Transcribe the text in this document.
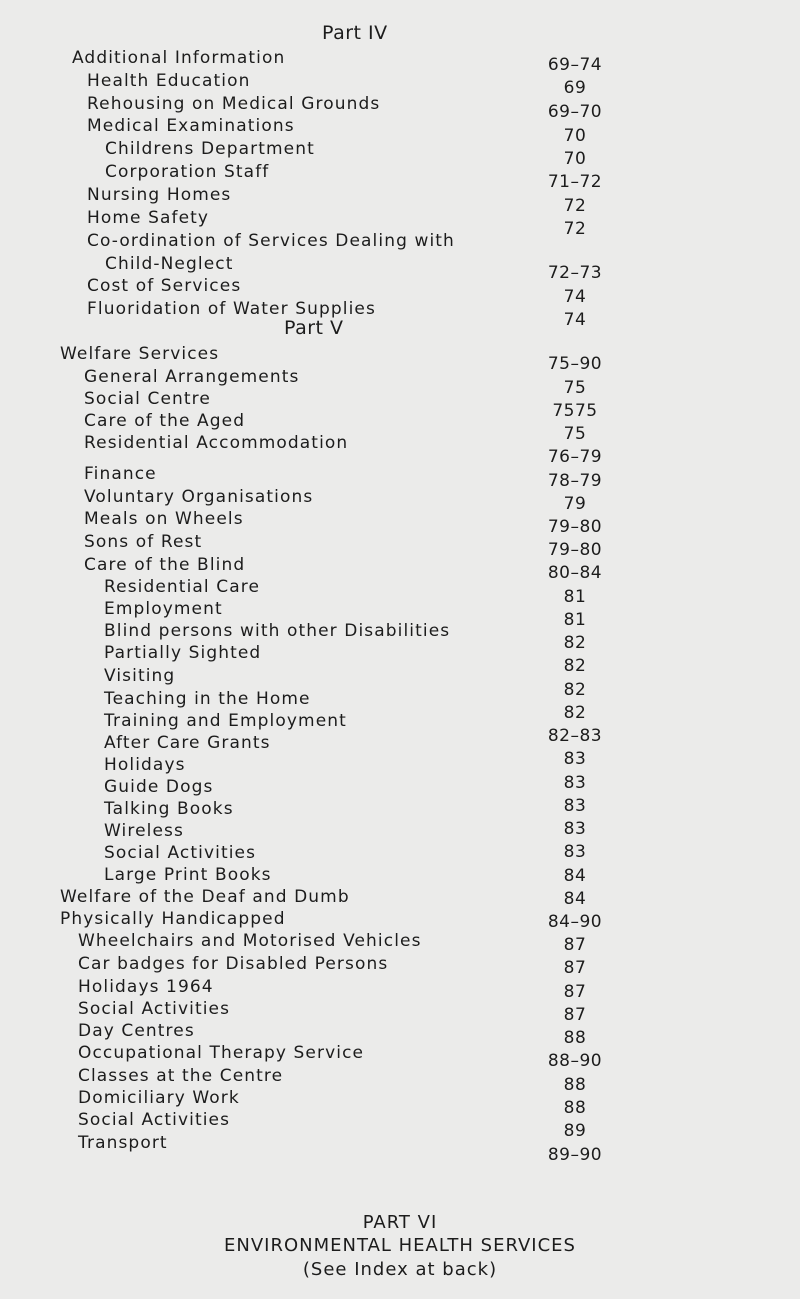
Part IV
Additional Information
Health Education
Rehousing on Medical Grounds
Medical Examinations
Childrens Department
Corporation Staff
Nursing Homes
Home Safety
Co-ordination of Services Dealing with
Child-Neglect
Cost of Services
Fluoridation of Water Supplies
69–74
69
69–70
70
70
71–72
72
72
72–73
74
74
Part V
Welfare Services
General Arrangements
Social Centre
Care of the Aged
Residential Accommodation
Finance
Voluntary Organisations
Meals on Wheels
Sons of Rest
Care of the Blind
Residential Care
Employment
Blind persons with other Disabilities
Partially Sighted
Visiting
Teaching in the Home
Training and Employment
After Care Grants
Holidays
Guide Dogs
Talking Books
Wireless
Social Activities
Large Print Books
Welfare of the Deaf and Dumb
Physically Handicapped
Wheelchairs and Motorised Vehicles
Car badges for Disabled Persons
Holidays 1964
Social Activities
Day Centres
Occupational Therapy Service
Classes at the Centre
Domiciliary Work
Social Activities
Transport
75–90
75
7575
75
76–79
78–79
79
79–80
79–80
80–84
81
81
82
82
82
82
82–83
83
83
83
83
83
84
84
84–90
87
87
87
87
88
88–90
88
88
89
89–90
PART VI
ENVIRONMENTAL HEALTH SERVICES
(See Index at back)
